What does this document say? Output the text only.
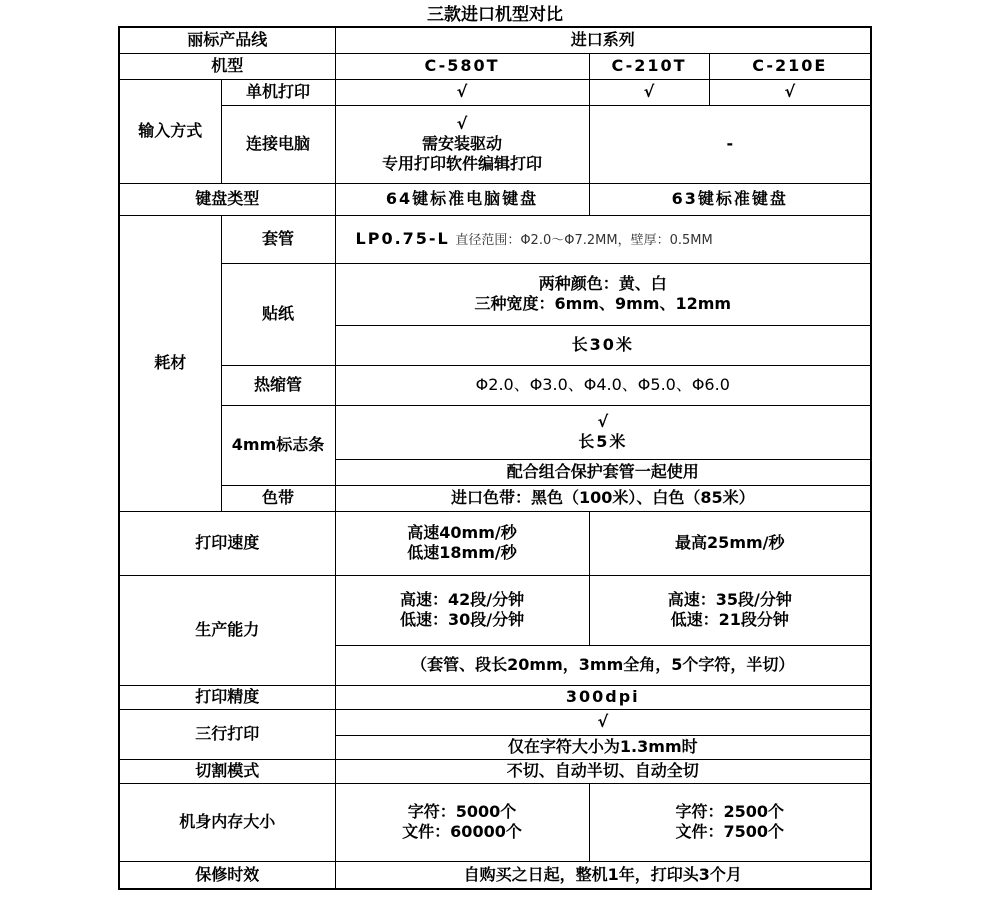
三款进口机型对比
丽标产品线		进口系列		
机型		C-580T	C-210T	C-210E
输入方式	单机打印	√	√	√
	连接电脑	√
需安装驱动
专用打印软件编辑打印	-	
键盘类型		64键标准电脑键盘	63键标准键盘	
耗材	套管	LP0.75-L 直径范围：Φ2.0～Φ7.2MM，壁厚：0.5MM		
	贴纸	两种颜色：黄、白
三种宽度：6mm、9mm、12mm		

		长30米		
	热缩管	Φ2.0、Φ3.0、Φ4.0、Φ5.0、Φ6.0		
	4mm标志条	√
长5米		

		配合组合保护套管一起使用		
	色带	进口色带：黑色（100米）、白色（85米）		
打印速度		高速40mm/秒
低速18mm/秒	最高25mm/秒	
生产能力		高速：42段/分钟
低速：30段/分钟	高速：35段/分钟
低速：21段分钟	

		（套管、段长20mm，3mm全角，5个字符，半切）		
打印精度		300dpi		
三行打印		√		
		仅在字符大小为1.3mm时		
切割模式		不切、自动半切、自动全切		
机身内存大小		字符：5000个
文件：60000个	字符：2500个
文件：7500个	

保修时效		自购买之日起，整机1年，打印头3个月		
